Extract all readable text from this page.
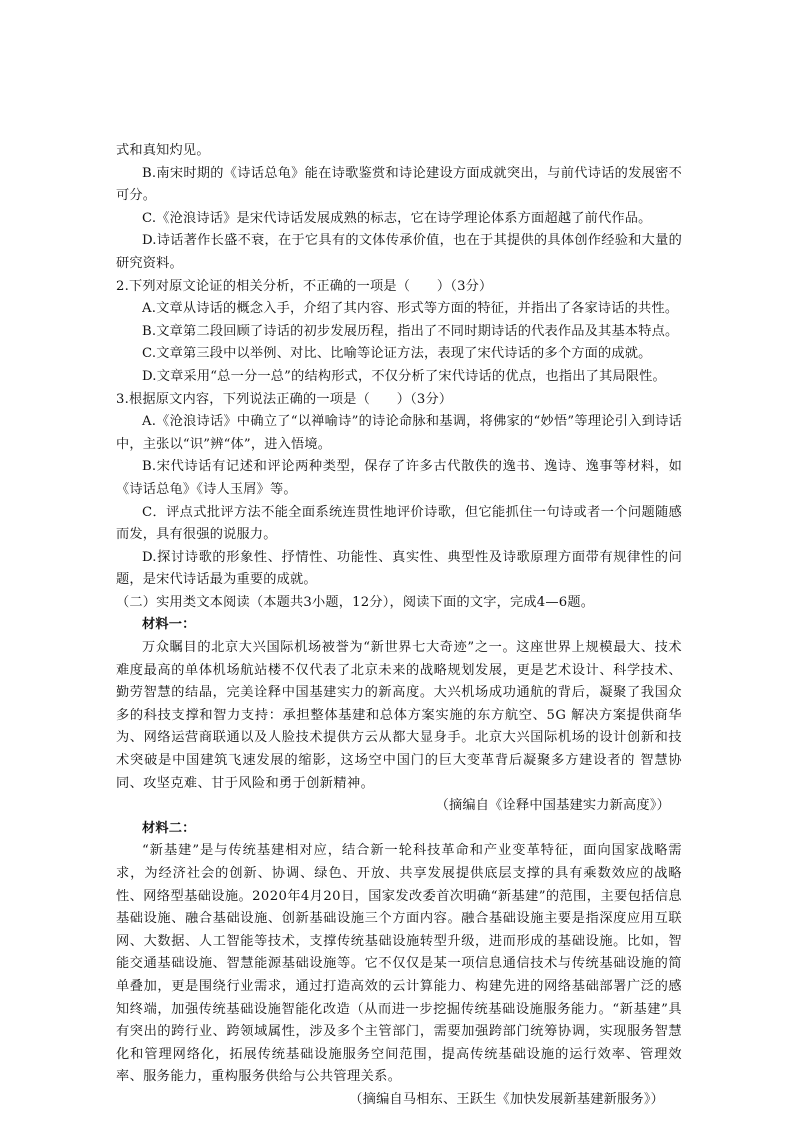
式和真知灼见。

B.南宋时期的《诗话总龟》能在诗歌鉴赏和诗论建设方面成就突出，与前代诗话的发展密不可分。

C.《沧浪诗话》是宋代诗话发展成熟的标志，它在诗学理论体系方面超越了前代作品。

D.诗话著作长盛不衰，在于它具有的文体传承价值，也在于其提供的具体创作经验和大量的研究资料。

2.下列对原文论证的相关分析，不正确的一项是（　　）（3分）

A.文章从诗话的概念入手，介绍了其内容、形式等方面的特征，并指出了各家诗话的共性。

B.文章第二段回顾了诗话的初步发展历程，指出了不同时期诗话的代表作品及其基本特点。

C.文章第三段中以举例、对比、比喻等论证方法，表现了宋代诗话的多个方面的成就。

D.文章采用“总一分一总”的结构形式，不仅分析了宋代诗话的优点，也指出了其局限性。

3.根据原文内容，下列说法正确的一项是（　　）（3分）

A.《沧浪诗话》中确立了“以禅喻诗”的诗论命脉和基调，将佛家的“妙悟”等理论引入到诗话中，主张以“识”辨“体”，进入悟境。

B.宋代诗话有记述和评论两种类型，保存了许多古代散佚的逸书、逸诗、逸事等材料，如《诗话总龟》《诗人玉屑》等。

C．评点式批评方法不能全面系统连贯性地评价诗歌，但它能抓住一句诗或者一个问题随感而发，具有很强的说服力。

D.探讨诗歌的形象性、抒情性、功能性、真实性、典型性及诗歌原理方面带有规律性的问题，是宋代诗话最为重要的成就。

（二）实用类文本阅读（本题共3小题，12分），阅读下面的文字，完成4—6题。

材料一：

万众瞩目的北京大兴国际机场被誉为“新世界七大奇迹”之一。这座世界上规模最大、技术难度最高的单体机场航站楼不仅代表了北京未来的战略规划发展，更是艺术设计、科学技术、勤劳智慧的结晶，完美诠释中国基建实力的新高度。大兴机场成功通航的背后，凝聚了我国众多的科技支撑和智力支持：承担整体基建和总体方案实施的东方航空、5G 解决方案提供商华为、网络运营商联通以及人脸技术提供方云从都大显身手。北京大兴国际机场的设计创新和技术突破是中国建筑飞速发展的缩影，这场空中国门的巨大变革背后凝聚多方建设者的 智慧协同、攻坚克难、甘于风险和勇于创新精神。

（摘编自《诠释中国基建实力新高度》）

材料二：

“新基建”是与传统基建相对应，结合新一轮科技革命和产业变革特征，面向国家战略需求，为经济社会的创新、协调、绿色、开放、共享发展提供底层支撑的具有乘数效应的战略性、网络型基础设施。2020年4月20日，国家发改委首次明确“新基建”的范围，主要包括信息基础设施、融合基础设施、创新基础设施三个方面内容。融合基础设施主要是指深度应用互联网、大数据、人工智能等技术，支撑传统基础设施转型升级，进而形成的基础设施。比如，智能交通基础设施、智慧能源基础设施等。它不仅仅是某一项信息通信技术与传统基础设施的简单叠加，更是围绕行业需求，通过打造高效的云计算能力、构建先进的网络基础部署广泛的感知终端，加强传统基础设施智能化改造（从而进一步挖掘传统基础设施服务能力。“新基建”具有突出的跨行业、跨领域属性，涉及多个主管部门，需要加强跨部门统筹协调，实现服务智慧化和管理网络化，拓展传统基础设施服务空间范围，提高传统基础设施的运行效率、管理效率、服务能力，重构服务供给与公共管理关系。

（摘编自马相东、王跃生《加快发展新基建新服务》）
